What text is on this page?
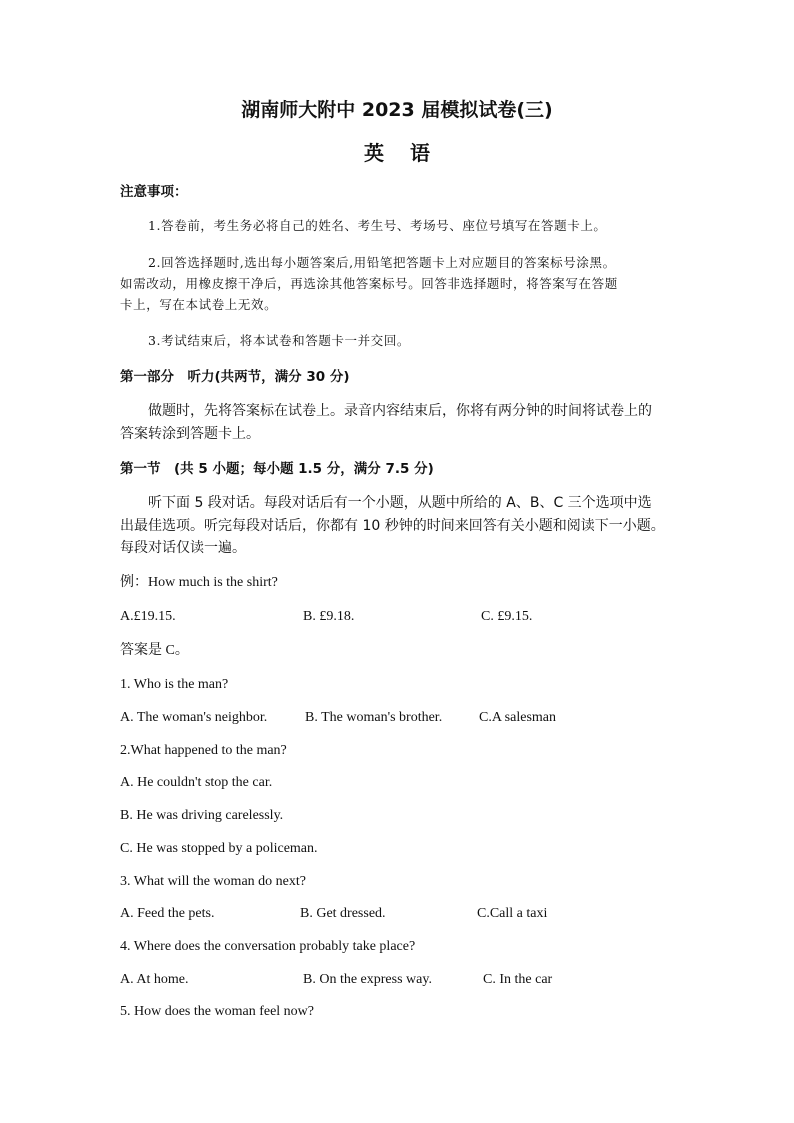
湖南师大附中 2023 届模拟试卷(三)
英语
注意事项：
1.答卷前，考生务必将自己的姓名、考生号、考场号、座位号填写在答题卡上。
2.回答选择题时,选出每小题答案后,用铅笔把答题卡上对应题目的答案标号涂黑。
如需改动，用橡皮擦干净后，再选涂其他答案标号。回答非选择题时，将答案写在答题
卡上，写在本试卷上无效。
3.考试结束后，将本试卷和答题卡一并交回。
第一部分　听力(共两节，满分 30 分)
做题时，先将答案标在试卷上。录音内容结束后，你将有两分钟的时间将试卷上的
答案转涂到答题卡上。
第一节　(共 5 小题；每小题 1.5 分，满分 7.5 分)
听下面 5 段对话。每段对话后有一个小题，从题中所给的 A、B、C 三个选项中选
出最佳选项。听完每段对话后，你都有 10 秒钟的时间来回答有关小题和阅读下一小题。
每段对话仅读一遍。
例：How much is the shirt?
A.£19.15.	B. £9.18.	C. £9.15.
答案是 C。
1. Who is the man?
A. The woman's neighbor.	B. The woman's brother.	C.A salesman
2.What happened to the man?
A. He couldn't stop the car.
B. He was driving carelessly.
C. He was stopped by a policeman.
3. What will the woman do next?
A. Feed the pets.	B. Get dressed.	C.Call a taxi
4. Where does the conversation probably take place?
A. At home.	B. On the express way.	C. In the car
5. How does the woman feel now?
